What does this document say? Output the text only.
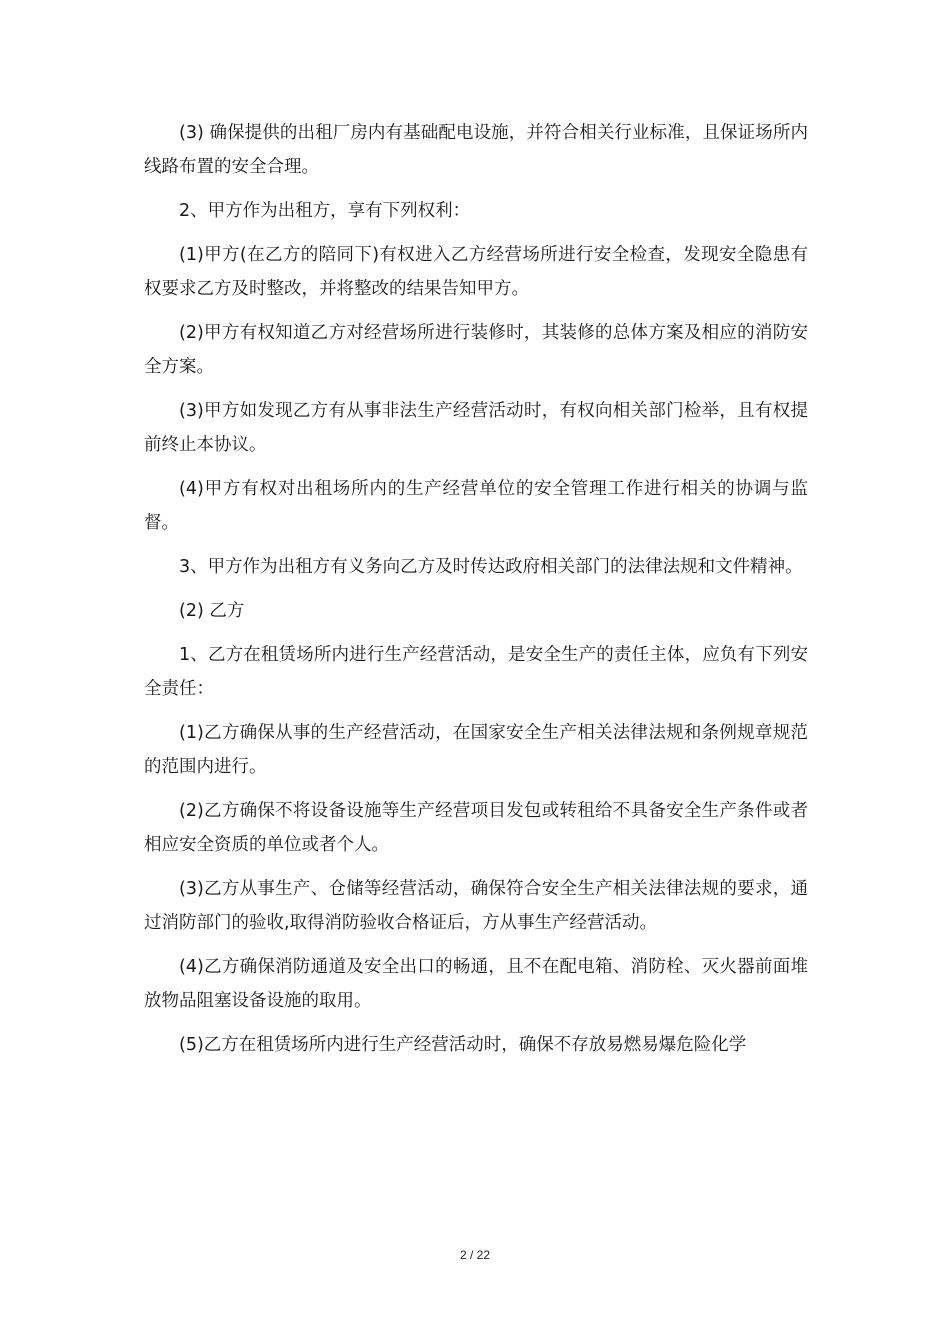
(3) 确保提供的出租厂房内有基础配电设施，并符合相关行业标准，且保证场所内线路布置的安全合理。

2、甲方作为出租方，享有下列权利：

(1)甲方(在乙方的陪同下)有权进入乙方经营场所进行安全检查，发现安全隐患有权要求乙方及时整改，并将整改的结果告知甲方。

(2)甲方有权知道乙方对经营场所进行装修时，其装修的总体方案及相应的消防安全方案。

(3)甲方如发现乙方有从事非法生产经营活动时，有权向相关部门检举，且有权提前终止本协议。

(4)甲方有权对出租场所内的生产经营单位的安全管理工作进行相关的协调与监督。

3、甲方作为出租方有义务向乙方及时传达政府相关部门的法律法规和文件精神。

(2) 乙方

1、乙方在租赁场所内进行生产经营活动，是安全生产的责任主体，应负有下列安全责任：

(1)乙方确保从事的生产经营活动，在国家安全生产相关法律法规和条例规章规范的范围内进行。

(2)乙方确保不将设备设施等生产经营项目发包或转租给不具备安全生产条件或者相应安全资质的单位或者个人。

(3)乙方从事生产、仓储等经营活动，确保符合安全生产相关法律法规的要求，通过消防部门的验收,取得消防验收合格证后，方从事生产经营活动。

(4)乙方确保消防通道及安全出口的畅通，且不在配电箱、消防栓、灭火器前面堆放物品阻塞设备设施的取用。

(5)乙方在租赁场所内进行生产经营活动时，确保不存放易燃易爆危险化学

2 / 22
